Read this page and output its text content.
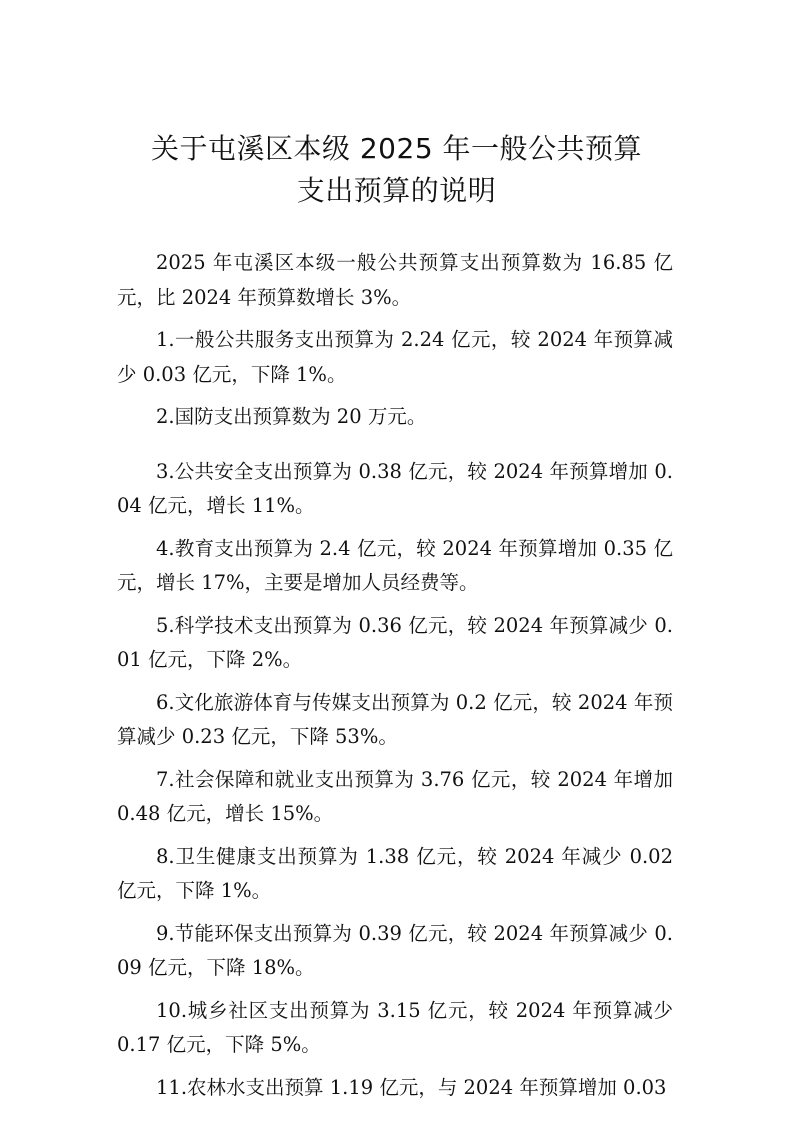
关于屯溪区本级 2025 年一般公共预算
支出预算的说明

2025 年屯溪区本级一般公共预算支出预算数为 16.85 亿元，比 2024 年预算数增长 3%。

1.一般公共服务支出预算为 2.24 亿元，较 2024 年预算减少 0.03 亿元，下降 1%。

2.国防支出预算数为 20 万元。

3.公共安全支出预算为 0.38 亿元，较 2024 年预算增加 0.04 亿元，增长 11%。

4.教育支出预算为 2.4 亿元，较 2024 年预算增加 0.35 亿元，增长 17%，主要是增加人员经费等。

5.科学技术支出预算为 0.36 亿元，较 2024 年预算减少 0.01 亿元，下降 2%。

6.文化旅游体育与传媒支出预算为 0.2 亿元，较 2024 年预算减少 0.23 亿元，下降 53%。

7.社会保障和就业支出预算为 3.76 亿元，较 2024 年增加 0.48 亿元，增长 15%。

8.卫生健康支出预算为 1.38 亿元，较 2024 年减少 0.02 亿元，下降 1%。

9.节能环保支出预算为 0.39 亿元，较 2024 年预算减少 0.09 亿元，下降 18%。

10.城乡社区支出预算为 3.15 亿元，较 2024 年预算减少 0.17 亿元，下降 5%。

11.农林水支出预算 1.19 亿元，与 2024 年预算增加 0.03
